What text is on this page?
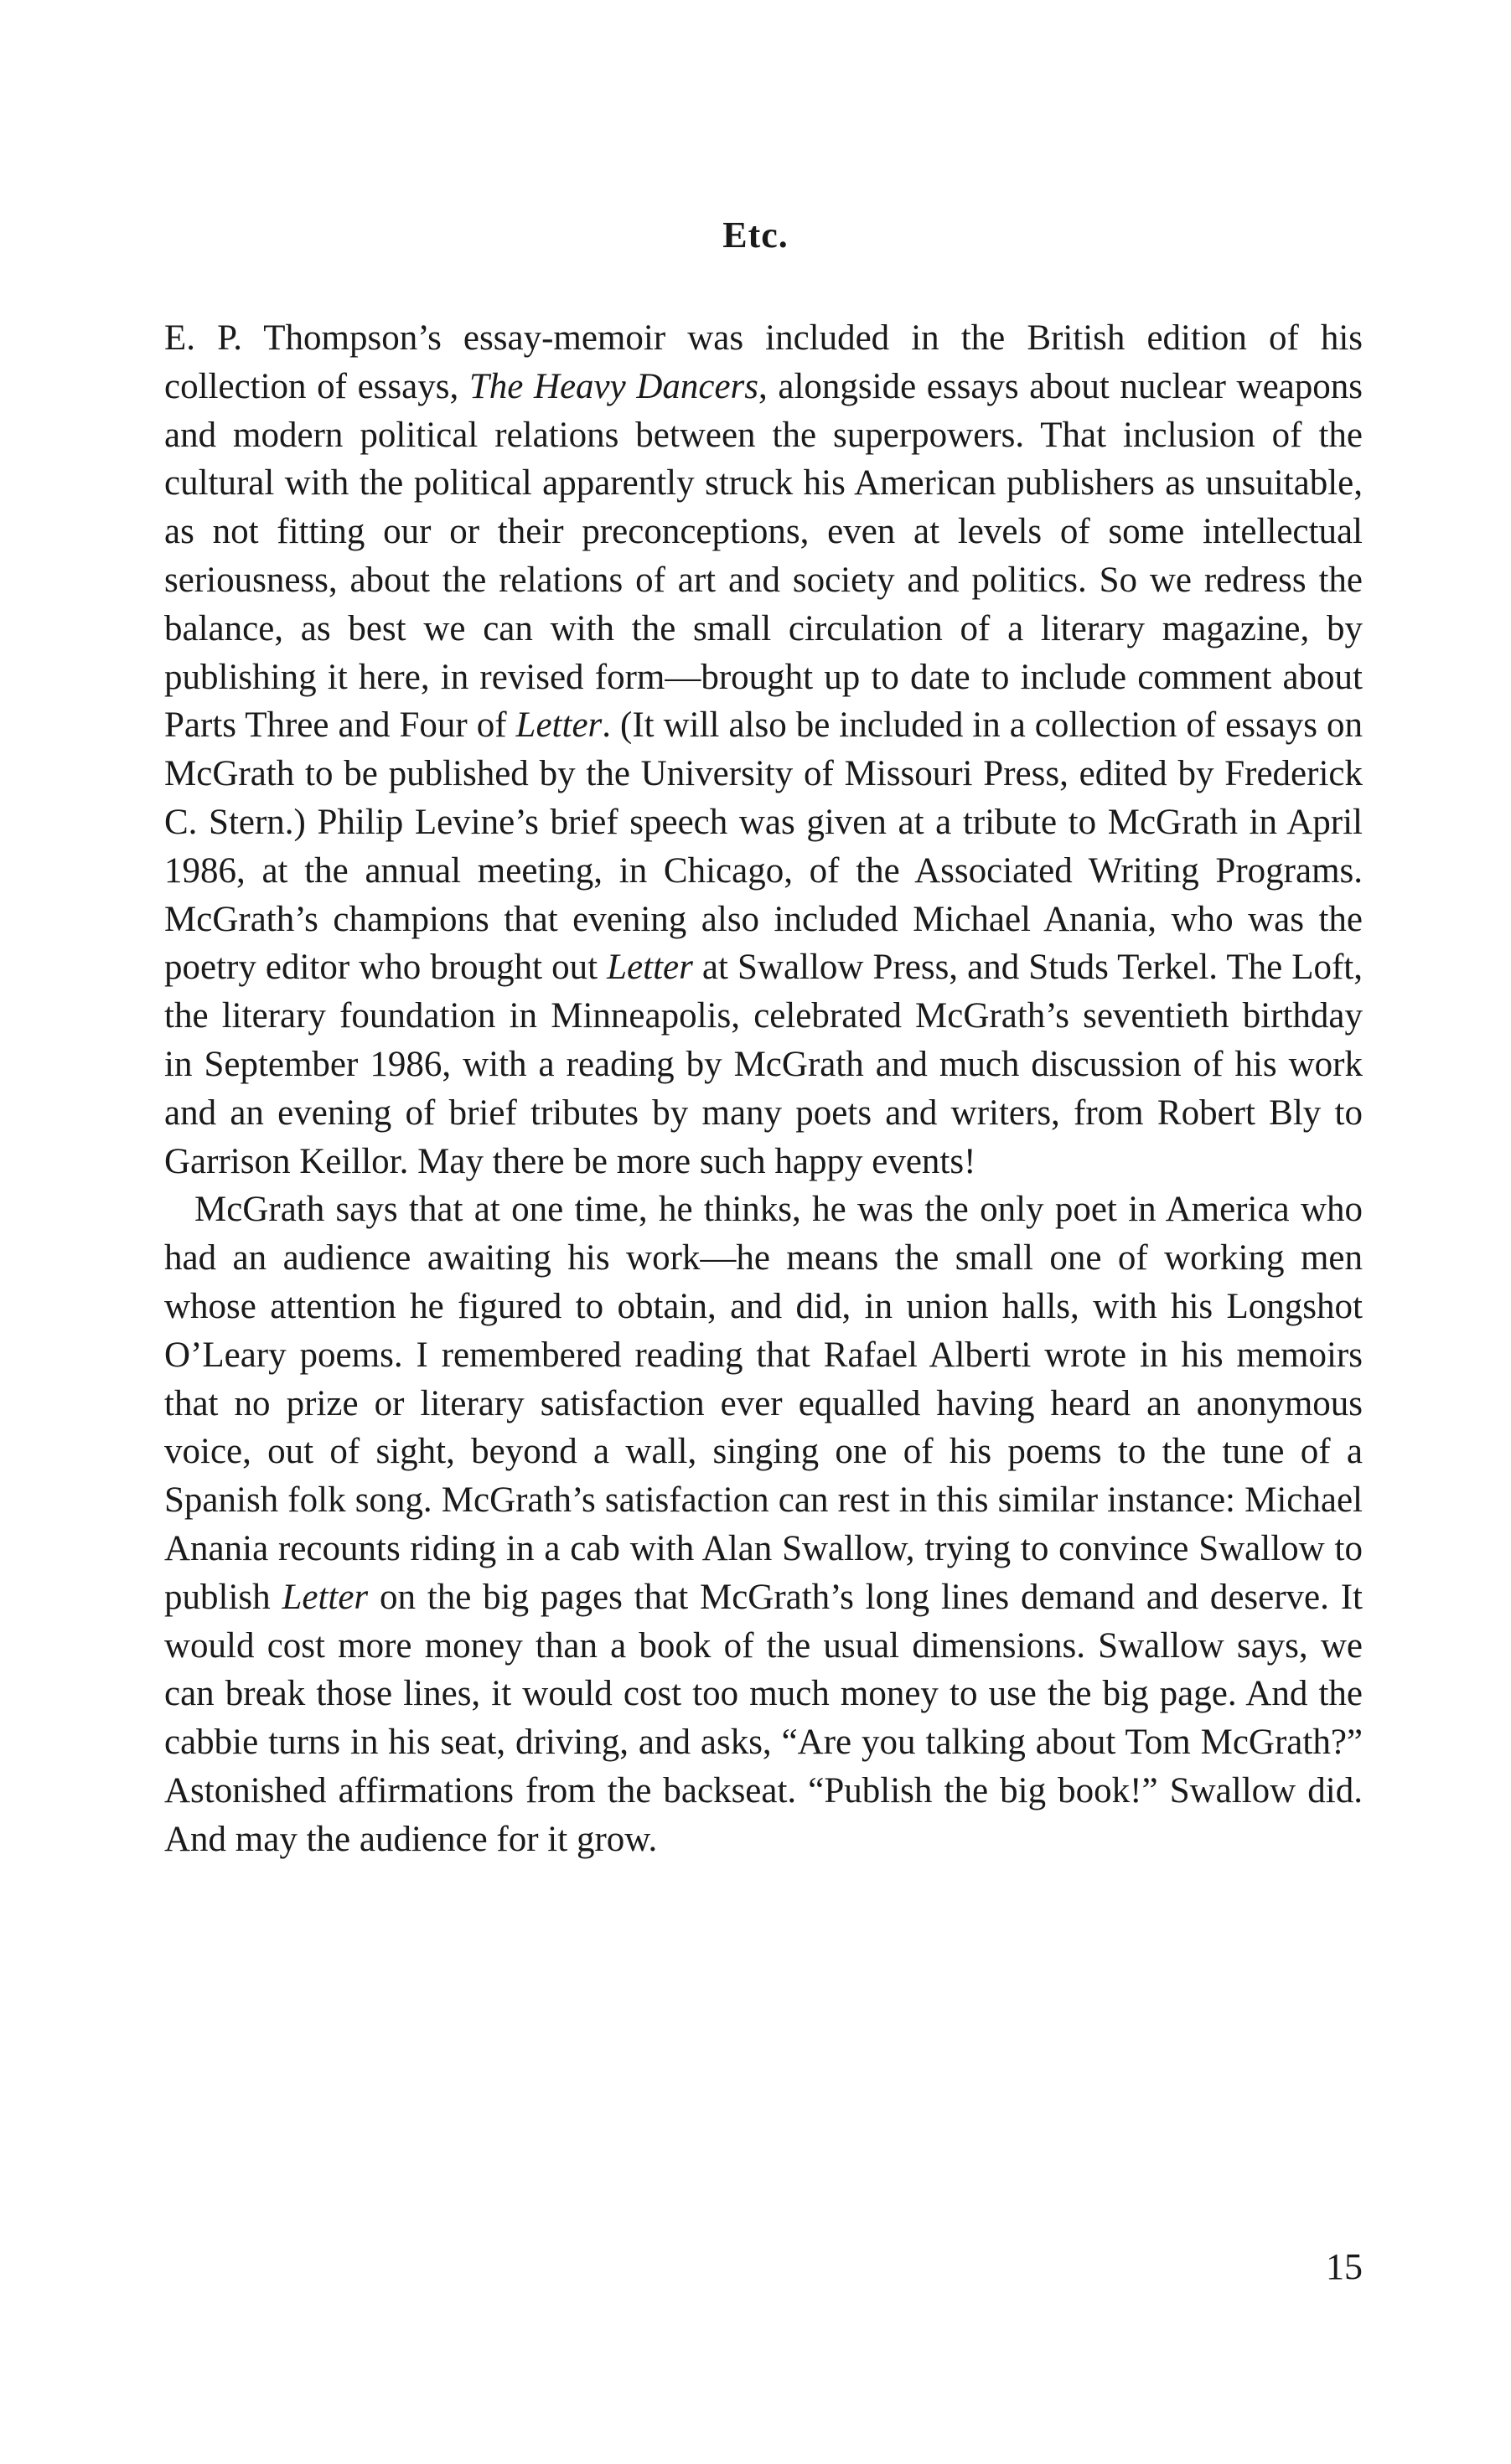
Etc.

E. P. Thompson’s essay-memoir was included in the British edition of his collection of essays, The Heavy Dancers, alongside essays about nuclear weapons and modern political relations between the superpowers. That inclusion of the cultural with the political apparently struck his American publishers as unsuitable, as not fitting our or their preconceptions, even at levels of some intellectual seriousness, about the relations of art and society and politics. So we redress the balance, as best we can with the small circulation of a literary magazine, by publishing it here, in revised form—brought up to date to include comment about Parts Three and Four of Letter. (It will also be included in a collection of essays on McGrath to be published by the University of Missouri Press, edited by Frederick C. Stern.) Philip Levine’s brief speech was given at a tribute to McGrath in April 1986, at the annual meeting, in Chicago, of the Associated Writing Programs. McGrath’s champions that evening also included Michael Anania, who was the poetry editor who brought out Letter at Swallow Press, and Studs Terkel. The Loft, the literary foundation in Minneapolis, celebrated McGrath’s seventieth birthday in September 1986, with a reading by McGrath and much discussion of his work and an evening of brief tributes by many poets and writers, from Robert Bly to Garrison Keillor. May there be more such happy events!

McGrath says that at one time, he thinks, he was the only poet in America who had an audience awaiting his work—he means the small one of working men whose attention he figured to obtain, and did, in union halls, with his Longshot O’Leary poems. I remembered reading that Rafael Alberti wrote in his memoirs that no prize or literary satisfaction ever equalled having heard an anonymous voice, out of sight, beyond a wall, singing one of his poems to the tune of a Spanish folk song. McGrath’s satisfaction can rest in this similar instance: Michael Anania recounts riding in a cab with Alan Swallow, trying to convince Swallow to publish Letter on the big pages that McGrath’s long lines demand and deserve. It would cost more money than a book of the usual dimensions. Swallow says, we can break those lines, it would cost too much money to use the big page. And the cabbie turns in his seat, driving, and asks, “Are you talking about Tom McGrath?” Astonished affirmations from the backseat. “Publish the big book!” Swallow did. And may the audience for it grow.

15
